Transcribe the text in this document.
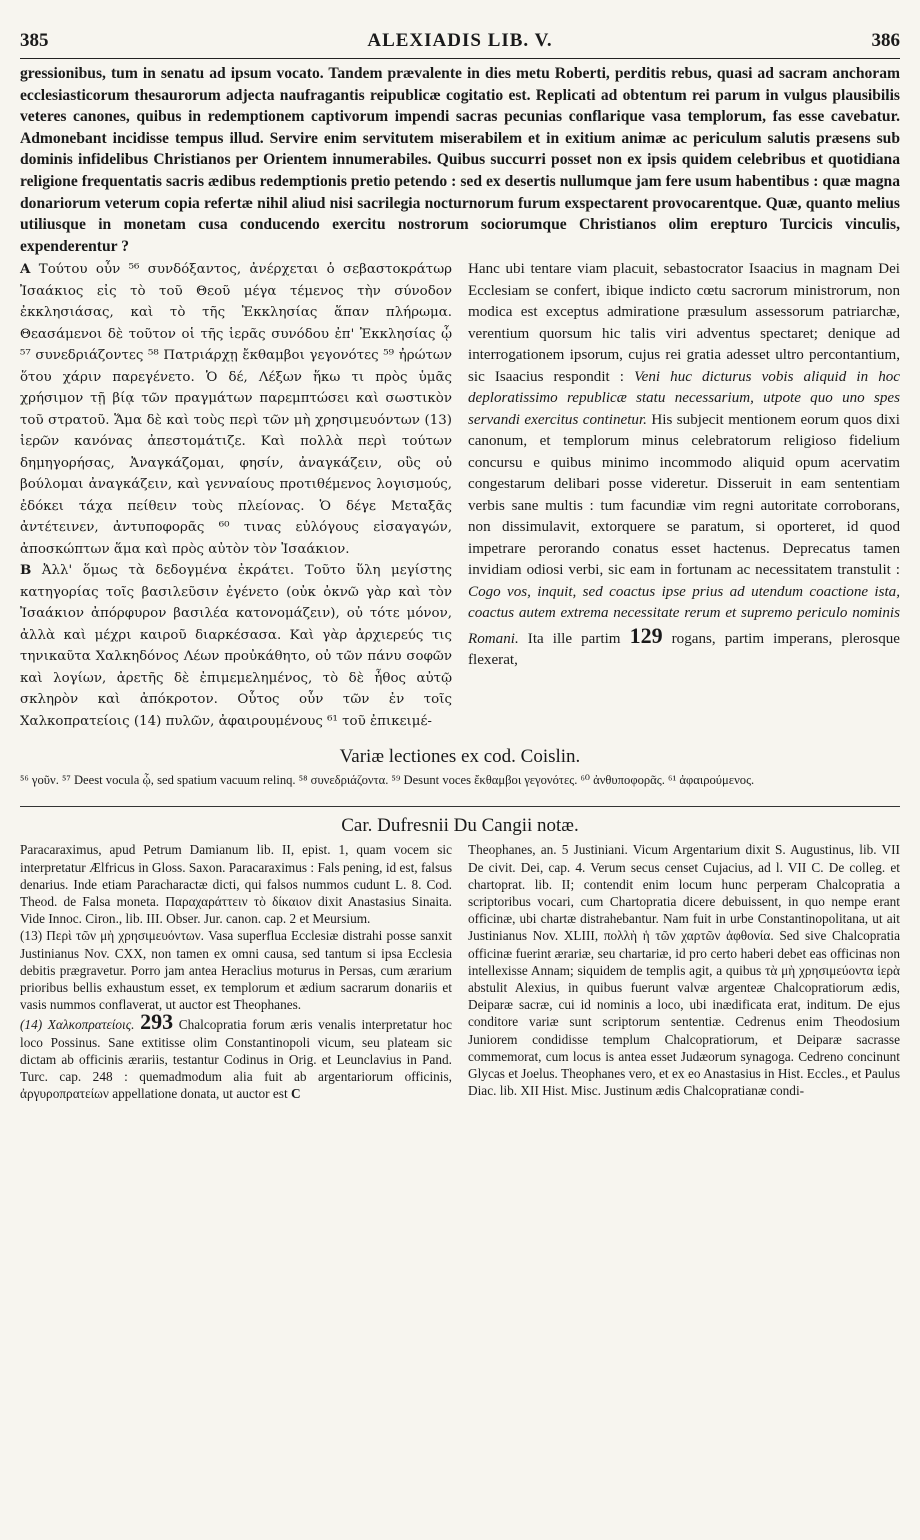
385	ALEXIADIS LIB. V.	386
gressionibus, tum in senatu ad ipsum vocato. Tandem prævalente in dies metu Roberti, perditis rebus, quasi ad sacram anchoram ecclesiasticorum thesaurorum adjecta naufragantis reipublicæ cogitatio est. Replicati ad obtentum rei parum in vulgus plausibilis veteres canones, quibus in redemptionem captivorum impendi sacras pecunias conflarique vasa templorum, fas esse cavebatur. Admonebant incidisse tempus illud. Servire enim servitutem miserabilem et in exitium animæ ac periculum salutis præsens sub dominis infidelibus Christianos per Orientem innumerabiles. Quibus succurri posset non ex ipsis quidem celebribus et quotidiana religione frequentatis sacris ædibus redemptionis pretio petendo : sed ex desertis nullumque jam fere usum habentibus : quæ magna donariorum veterum copia refertæ nihil aliud nisi sacrilegia nocturnorum furum exspectarent provocarentque. Quæ, quanto melius utiliusque in monetam cusa conducendo exercitu nostrorum sociorumque Christianos olim erepturo Turcicis vinculis, expenderentur ?

A Τούτου οὖν ⁵⁶ συνδόξαντος, ἀνέρχεται ὁ σεβαστοκράτωρ Ἰσαάκιος εἰς τὸ τοῦ Θεοῦ μέγα τέμενος τὴν σύνοδον ἐκκλησιάσας, καὶ τὸ τῆς Ἐκκλησίας ἅπαν πλήρωμα. Θεασάμενοι δὲ τοῦτον οἱ τῆς ἱερᾶς συνόδου ἐπ' Ἐκκλησίας ᾧ ⁵⁷ συνεδριάζοντες ⁵⁸ Πατριάρχῃ ἔκθαμβοι γεγονότες ⁵⁹ ἠρώτων ὅτου χάριν παρεγένετο. Ὁ δέ, Λέξων ἥκω τι πρὸς ὑμᾶς χρήσιμον τῇ βίᾳ τῶν πραγμάτων παρεμπτώσει καὶ σωστικὸν τοῦ στρατοῦ. Ἅμα δὲ καὶ τοὺς περὶ τῶν μὴ χρησιμευόντων (13) ἱερῶν κανόνας ἀπεστομάτιζε. Καὶ πολλὰ περὶ τούτων δημηγορήσας, Ἀναγκάζομαι, φησίν, ἀναγκάζειν, οὓς οὐ βούλομαι ἀναγκάζειν, καὶ γενναίους προτιθέμενος λογισμούς, ἐδόκει τάχα πείθειν τοὺς πλείονας. Ὁ δέγε Μεταξᾶς ἀντέτεινεν, ἀντυποφορᾶς ⁶⁰ τινας εὐλόγους εἰσαγαγών, ἀποσκώπτων ἅμα καὶ πρὸς αὐτὸν τὸν Ἰσαάκιον.

B Ἀλλ' ὅμως τὰ δεδογμένα ἐκράτει. Τοῦτο ὕλη μεγίστης κατηγορίας τοῖς βασιλεῦσιν ἐγένετο (οὐκ ὀκνῶ γὰρ καὶ τὸν Ἰσαάκιον ἀπόρφυρον βασιλέα κατονομάζειν), οὐ τότε μόνον, ἀλλὰ καὶ μέχρι καιροῦ διαρκέσασα. Καὶ γὰρ ἀρχιερεύς τις τηνικαῦτα Χαλκηδόνος Λέων προὐκάθητο, οὐ τῶν πάνυ σοφῶν καὶ λογίων, ἀρετῆς δὲ ἐπιμεμελημένος, τὸ δὲ ἦθος αὐτῷ σκληρὸν καὶ ἀπόκροτον. Οὗτος οὖν τῶν ἐν τοῖς Χαλκοπρατείοις (14) πυλῶν, ἀφαιρουμένους ⁶¹ τοῦ ἐπικειμέ-

Hanc ubi tentare viam placuit, sebastocrator Isaacius in magnam Dei Ecclesiam se confert, ibique indicto cœtu sacrorum ministrorum, non modica est exceptus admiratione præsulum assessorum patriarchæ, verentium quorsum hic talis viri adventus spectaret; denique ad interrogationem ipsorum, cujus rei gratia adesset ultro percontantium, sic Isaacius respondit : Veni huc dicturus vobis aliquid in hoc deploratissimo republicæ statu necessarium, utpote quo uno spes servandi exercitus continetur. His subjecit mentionem eorum quos dixi canonum, et templorum minus celebratorum religioso fidelium concursu e quibus minimo incommodo aliquid opum acervatim congestarum delibari posse videretur. Disseruit in eam sententiam verbis sane multis : tum facundiæ vim regni autoritate corroborans, non dissimulavit, extorquere se paratum, si oporteret, id quod impetrare perorando conatus esset hactenus. Deprecatus tamen invidiam odiosi verbi, sic eam in fortunam ac necessitatem transtulit : Cogo vos, inquit, sed coactus ipse prius ad utendum coactione ista, coactus autem extrema necessitate rerum et supremo periculo nominis Romani. Ita ille partim 129 rogans, partim imperans, plerosque flexerat,

Variæ lectiones ex cod. Coislin.

⁵⁶ γοῦν. ⁵⁷ Deest vocula ᾧ, sed spatium vacuum relinq. ⁵⁸ συνεδριάζοντα. ⁵⁹ Desunt voces ἔκθαμβοι γεγονότες. ⁶⁰ ἀνθυποφορᾶς. ⁶¹ ἀφαιρούμενος.

Car. Dufresnii Du Cangii notæ.

Paracaraximus, apud Petrum Damianum lib. II, epist. 1, quam vocem sic interpretatur Ælfricus in Gloss. Saxon. Paracaraximus : Fals pening, id est, falsus denarius. Inde etiam Paracharactæ dicti, qui falsos nummos cudunt L. 8. Cod. Theod. de Falsa moneta. Παραχαράττειν τὸ δίκαιον dixit Anastasius Sinaita. Vide Innoc. Ciron., lib. III. Obser. Jur. canon. cap. 2 et Meursium.

(13) Περὶ τῶν μὴ χρησιμευόντων. Vasa superflua Ecclesiæ distrahi posse sanxit Justinianus Nov. CXX, non tamen ex omni causa, sed tantum si ipsa Ecclesia debitis prægravetur. Porro jam antea Heraclius moturus in Persas, cum ærarium prioribus bellis exhaustum esset, ex templorum et ædium sacrarum donariis et vasis nummos conflaverat, ut auctor est Theophanes.

(14) Χαλκοπρατείοις. 293 Chalcopratia forum æris venalis interpretatur hoc loco Possinus. Sane extitisse olim Constantinopoli vicum, seu plateam sic dictam ab officinis ærariis, testantur Codinus in Orig. et Leunclavius in Pand. Turc. cap. 248 : quemadmodum alia fuit ab argentariorum officinis, ἀργυροπρατείων appellatione donata, ut auctor est C

Theophanes, an. 5 Justiniani. Vicum Argentarium dixit S. Augustinus, lib. VII De civit. Dei, cap. 4. Verum secus censet Cujacius, ad l. VII C. De colleg. et chartoprat. lib. II; contendit enim locum hunc perperam Chalcopratia a scriptoribus vocari, cum Chartopratia dicere debuissent, in quo nempe erant officinæ, ubi chartæ distrahebantur. Nam fuit in urbe Constantinopolitana, ut ait Justinianus Nov. XLIII, πολλὴ ἡ τῶν χαρτῶν ἀφθονία. Sed sive Chalcopratia officinæ fuerint ærariæ, seu chartariæ, id pro certo haberi debet eas officinas non intellexisse Annam; siquidem de templis agit, a quibus τὰ μὴ χρησιμεύοντα ἱερὰ abstulit Alexius, in quibus fuerunt valvæ argenteæ Chalcopratiorum ædis, Deiparæ sacræ, cui id nominis a loco, ubi inædificata erat, inditum. De ejus conditore variæ sunt scriptorum sententiæ. Cedrenus enim Theodosium Juniorem condidisse templum Chalcopratiorum, et Deiparæ sacrasse commemorat, cum locus is antea esset Judæorum synagoga. Cedreno concinunt Glycas et Joelus. Theophanes vero, et ex eo Anastasius in Hist. Eccles., et Paulus Diac. lib. XII Hist. Misc. Justinum ædis Chalcopratianæ condi-
